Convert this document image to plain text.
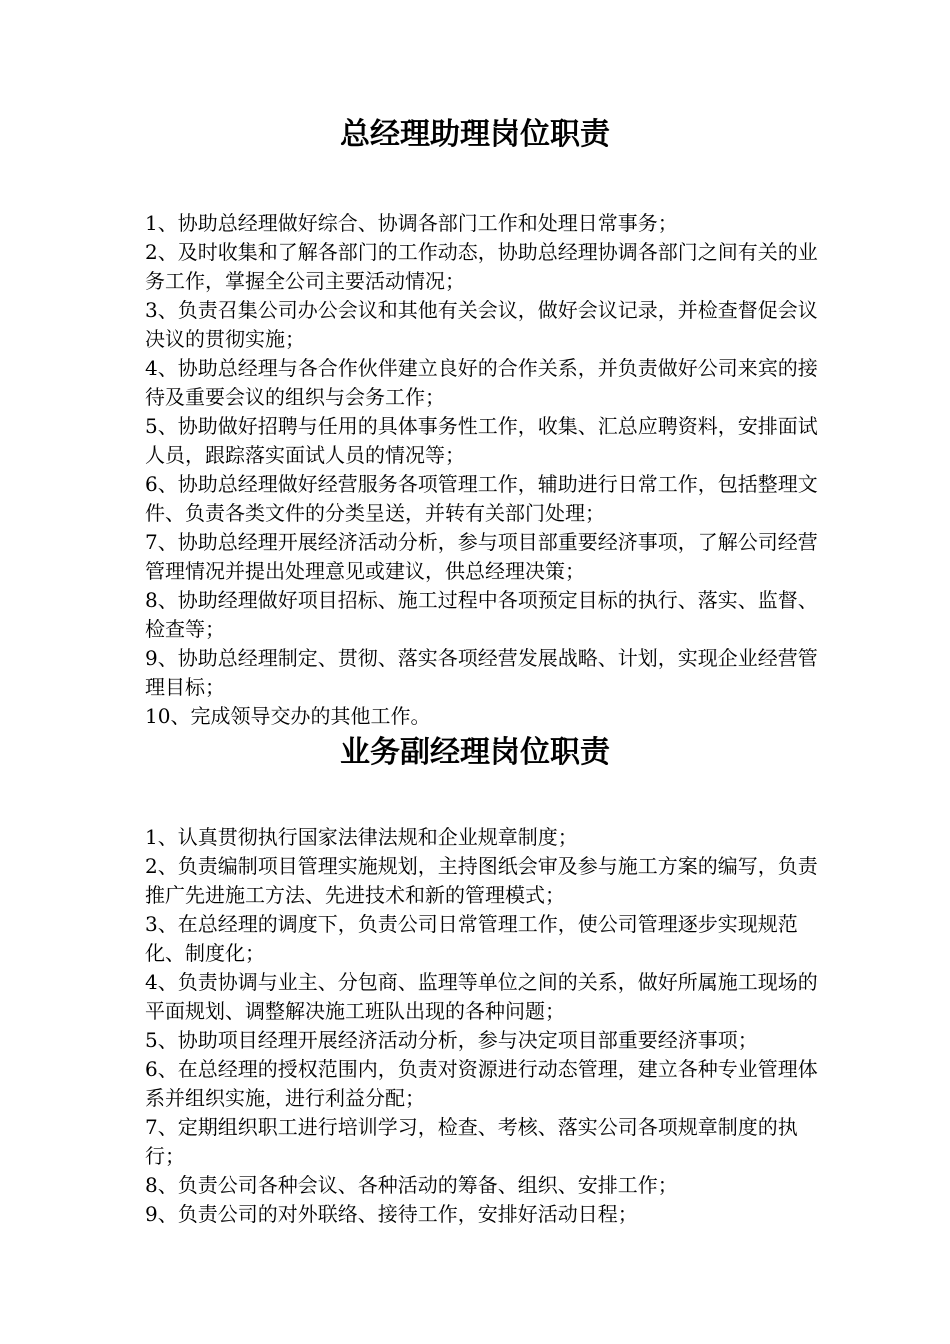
总经理助理岗位职责
1、协助总经理做好综合、协调各部门工作和处理日常事务；
2、及时收集和了解各部门的工作动态，协助总经理协调各部门之间有关的业务工作，掌握全公司主要活动情况；
3、负责召集公司办公会议和其他有关会议，做好会议记录，并检查督促会议决议的贯彻实施；
4、协助总经理与各合作伙伴建立良好的合作关系，并负责做好公司来宾的接待及重要会议的组织与会务工作；
5、协助做好招聘与任用的具体事务性工作，收集、汇总应聘资料，安排面试人员，跟踪落实面试人员的情况等；
6、协助总经理做好经营服务各项管理工作，辅助进行日常工作，包括整理文件、负责各类文件的分类呈送，并转有关部门处理；
7、协助总经理开展经济活动分析，参与项目部重要经济事项，了解公司经营管理情况并提出处理意见或建议，供总经理决策；
8、协助经理做好项目招标、施工过程中各项预定目标的执行、落实、监督、检查等；
9、协助总经理制定、贯彻、落实各项经营发展战略、计划，实现企业经营管理目标；
10、完成领导交办的其他工作。
业务副经理岗位职责
1、认真贯彻执行国家法律法规和企业规章制度；
2、负责编制项目管理实施规划，主持图纸会审及参与施工方案的编写，负责推广先进施工方法、先进技术和新的管理模式；
3、在总经理的调度下，负责公司日常管理工作，使公司管理逐步实现规范化、制度化；
4、负责协调与业主、分包商、监理等单位之间的关系，做好所属施工现场的平面规划、调整解决施工班队出现的各种问题；
5、协助项目经理开展经济活动分析，参与决定项目部重要经济事项；
6、在总经理的授权范围内，负责对资源进行动态管理，建立各种专业管理体系并组织实施，进行利益分配；
7、定期组织职工进行培训学习，检查、考核、落实公司各项规章制度的执行；
8、负责公司各种会议、各种活动的筹备、组织、安排工作；
9、负责公司的对外联络、接待工作，安排好活动日程；
